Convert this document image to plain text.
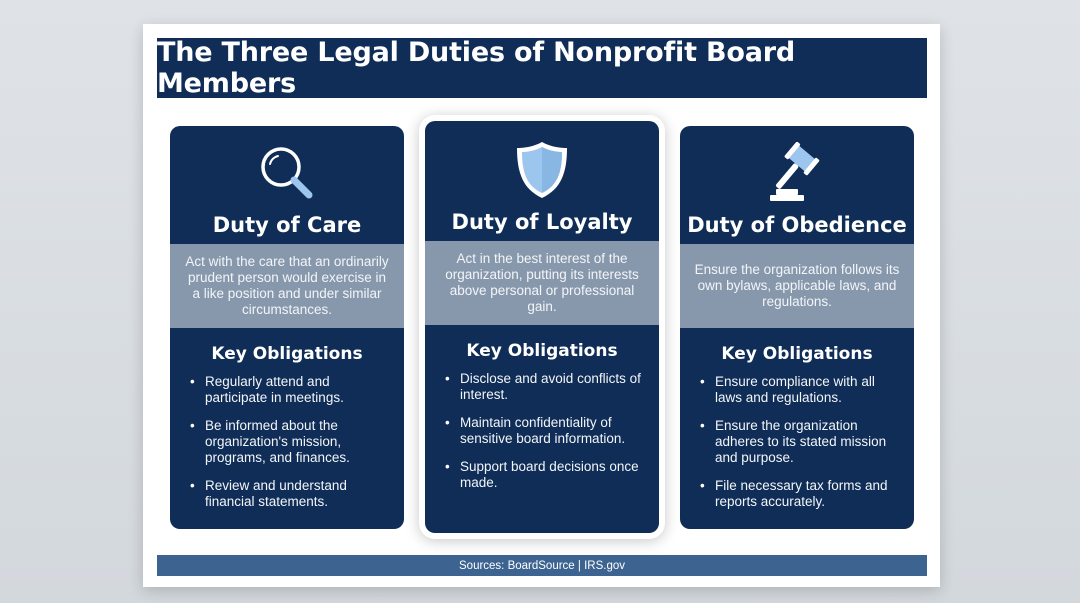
The Three Legal Duties of Nonprofit Board Members
Duty of Care
Act with the care that an ordinarily prudent person would exercise in a like position and under similar circumstances.
Key Obligations
• Regularly attend and participate in meetings.
• Be informed about the organization's mission, programs, and finances.
• Review and understand financial statements.
Duty of Loyalty
Act in the best interest of the organization, putting its interests above personal or professional gain.
Key Obligations
• Disclose and avoid conflicts of interest.
• Maintain confidentiality of sensitive board information.
• Support board decisions once made.
Duty of Obedience
Ensure the organization follows its own bylaws, applicable laws, and regulations.
Key Obligations
• Ensure compliance with all laws and regulations.
• Ensure the organization adheres to its stated mission and purpose.
• File necessary tax forms and reports accurately.
Sources: BoardSource | IRS.gov
